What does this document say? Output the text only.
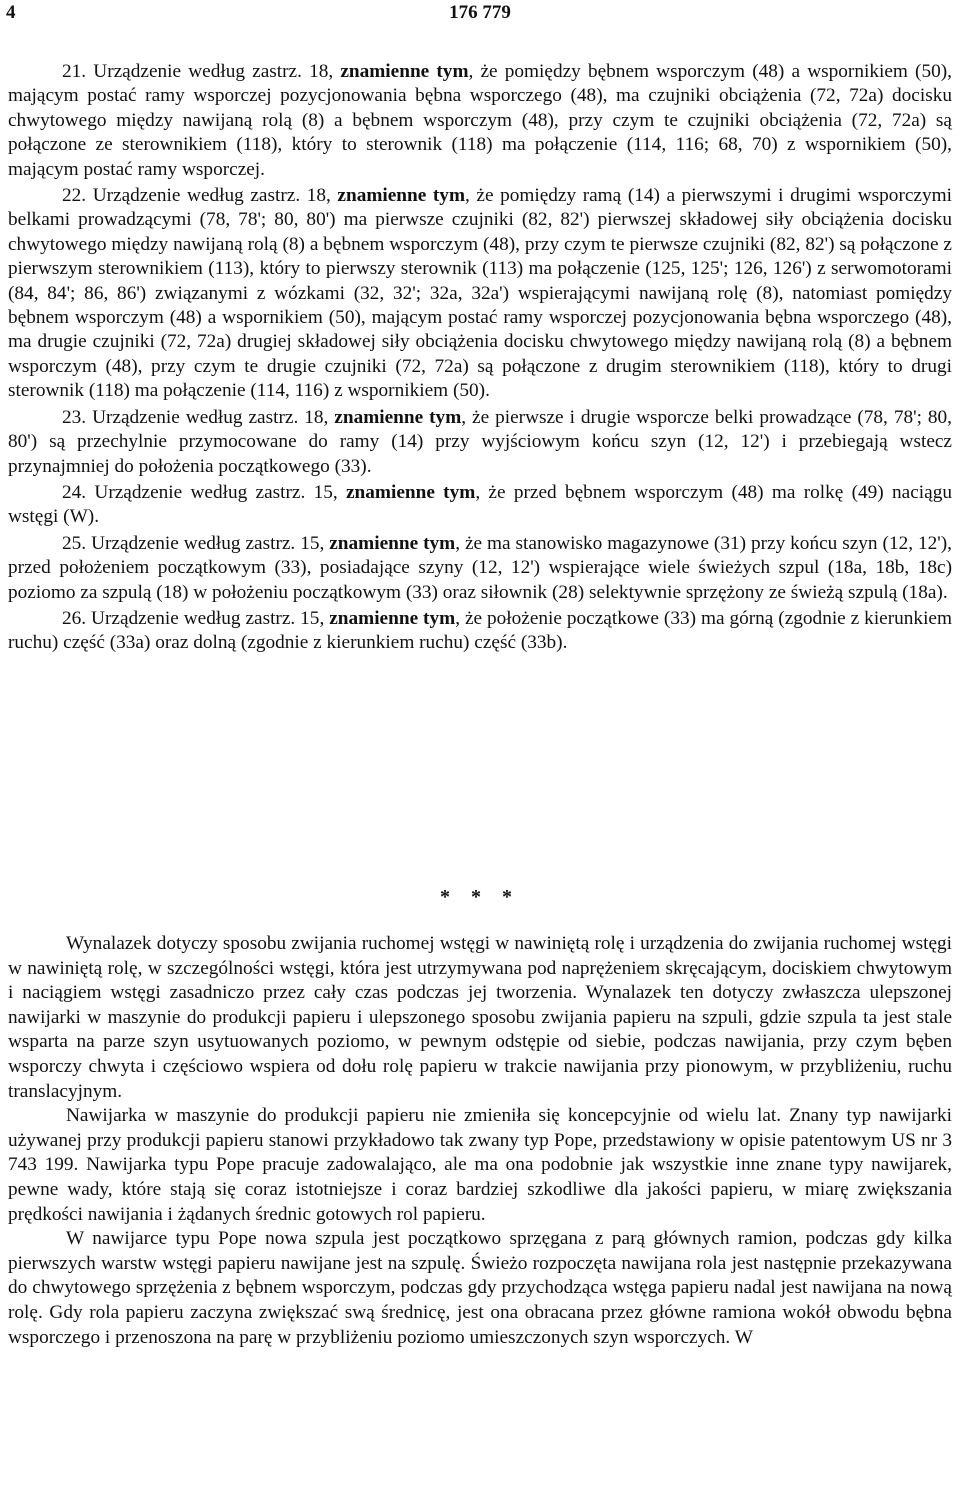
4	176 779

21. Urządzenie według zastrz. 18, znamienne tym, że pomiędzy bębnem wsporczym (48) a wspornikiem (50), mającym postać ramy wsporczej pozycjonowania bębna wsporczego (48), ma czujniki obciążenia (72, 72a) docisku chwytowego między nawijaną rolą (8) a bębnem wsporczym (48), przy czym te czujniki obciążenia (72, 72a) są połączone ze sterownikiem (118), który to sterownik (118) ma połączenie (114, 116; 68, 70) z wspornikiem (50), mającym postać ramy wsporczej.

22. Urządzenie według zastrz. 18, znamienne tym, że pomiędzy ramą (14) a pierwszymi i drugimi wsporczymi belkami prowadzącymi (78, 78'; 80, 80') ma pierwsze czujniki (82, 82') pierwszej składowej siły obciążenia docisku chwytowego między nawijaną rolą (8) a bębnem wsporczym (48), przy czym te pierwsze czujniki (82, 82') są połączone z pierwszym sterownikiem (113), który to pierwszy sterownik (113) ma połączenie (125, 125'; 126, 126') z serwomotorami (84, 84'; 86, 86') związanymi z wózkami (32, 32'; 32a, 32a') wspierającymi nawijaną rolę (8), natomiast pomiędzy bębnem wsporczym (48) a wspornikiem (50), mającym postać ramy wsporczej pozycjonowania bębna wsporczego (48), ma drugie czujniki (72, 72a) drugiej składowej siły obciążenia docisku chwytowego między nawijaną rolą (8) a bębnem wsporczym (48), przy czym te drugie czujniki (72, 72a) są połączone z drugim sterownikiem (118), który to drugi sterownik (118) ma połączenie (114, 116) z wspornikiem (50).

23. Urządzenie według zastrz. 18, znamienne tym, że pierwsze i drugie wsporcze belki prowadzące (78, 78'; 80, 80') są przechylnie przymocowane do ramy (14) przy wyjściowym końcu szyn (12, 12') i przebiegają wstecz przynajmniej do położenia początkowego (33).

24. Urządzenie według zastrz. 15, znamienne tym, że przed bębnem wsporczym (48) ma rolkę (49) naciągu wstęgi (W).

25. Urządzenie według zastrz. 15, znamienne tym, że ma stanowisko magazynowe (31) przy końcu szyn (12, 12'), przed położeniem początkowym (33), posiadające szyny (12, 12') wspierające wiele świeżych szpul (18a, 18b, 18c) poziomo za szpulą (18) w położeniu początkowym (33) oraz siłownik (28) selektywnie sprzężony ze świeżą szpulą (18a).

26. Urządzenie według zastrz. 15, znamienne tym, że położenie początkowe (33) ma górną (zgodnie z kierunkiem ruchu) część (33a) oraz dolną (zgodnie z kierunkiem ruchu) część (33b).

* * *

Wynalazek dotyczy sposobu zwijania ruchomej wstęgi w nawiniętą rolę i urządzenia do zwijania ruchomej wstęgi w nawiniętą rolę, w szczególności wstęgi, która jest utrzymywana pod naprężeniem skręcającym, dociskiem chwytowym i naciągiem wstęgi zasadniczo przez cały czas podczas jej tworzenia. Wynalazek ten dotyczy zwłaszcza ulepszonej nawijarki w maszynie do produkcji papieru i ulepszonego sposobu zwijania papieru na szpuli, gdzie szpula ta jest stale wsparta na parze szyn usytuowanych poziomo, w pewnym odstępie od siebie, podczas nawijania, przy czym bęben wsporczy chwyta i częściowo wspiera od dołu rolę papieru w trakcie nawijania przy pionowym, w przybliżeniu, ruchu translacyjnym.

Nawijarka w maszynie do produkcji papieru nie zmieniła się koncepcyjnie od wielu lat. Znany typ nawijarki używanej przy produkcji papieru stanowi przykładowo tak zwany typ Pope, przedstawiony w opisie patentowym US nr 3 743 199. Nawijarka typu Pope pracuje zadowalająco, ale ma ona podobnie jak wszystkie inne znane typy nawijarek, pewne wady, które stają się coraz istotniejsze i coraz bardziej szkodliwe dla jakości papieru, w miarę zwiększania prędkości nawijania i żądanych średnic gotowych rol papieru.

W nawijarce typu Pope nowa szpula jest początkowo sprzęgana z parą głównych ramion, podczas gdy kilka pierwszych warstw wstęgi papieru nawijane jest na szpulę. Świeżo rozpoczęta nawijana rola jest następnie przekazywana do chwytowego sprzężenia z bębnem wsporczym, podczas gdy przychodząca wstęga papieru nadal jest nawijana na nową rolę. Gdy rola papieru zaczyna zwiększać swą średnicę, jest ona obracana przez główne ramiona wokół obwodu bębna wsporczego i przenoszona na parę w przybliżeniu poziomo umieszczonych szyn wsporczych. W
